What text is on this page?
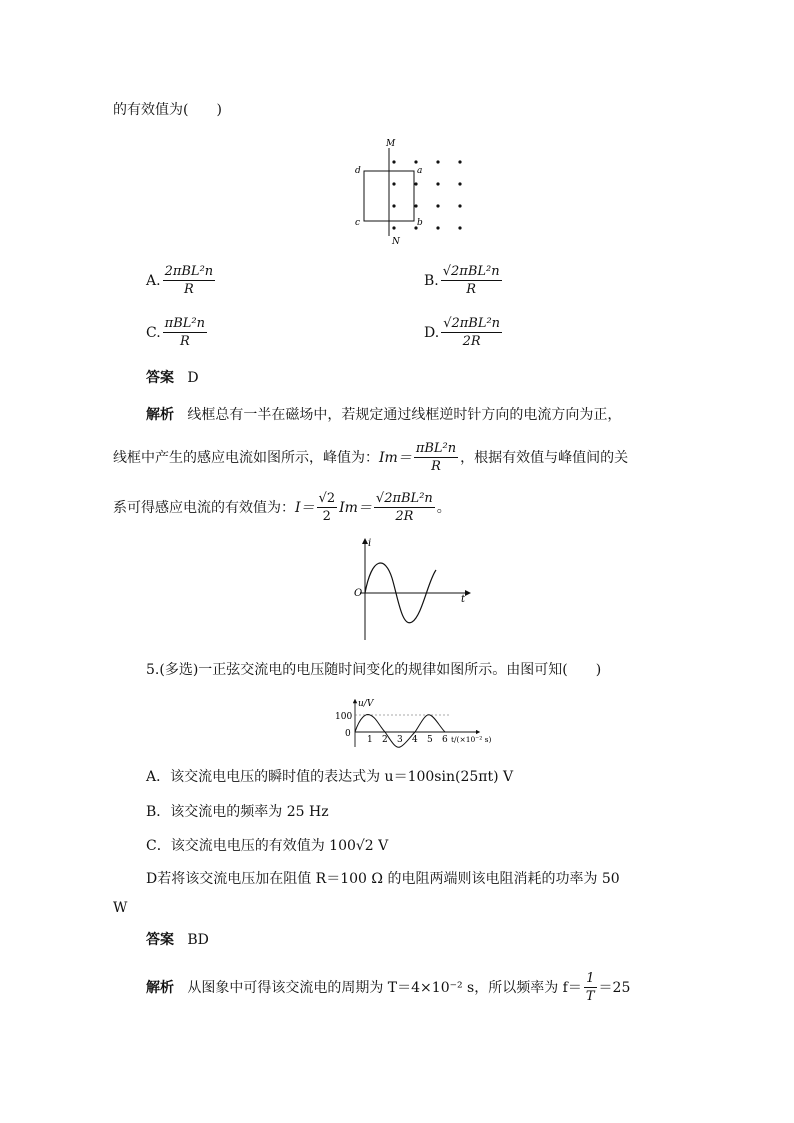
的有效值为(　　)
M
N
a
b
c
d
A. $\frac{\text{2πBL²n}}{R}$	B. $\frac{\text{√2πBL²n}}{R}$
C. $\frac{\text{πBL²n}}{R}$	D. $\frac{\text{√2πBL²n}}{2R}$
答案 D
解析 线框总有一半在磁场中，若规定通过线框逆时针方向的电流方向为正，
线框中产生的感应电流如图所示，峰值为： $Im= \frac{\text{πBL²n}}{R}$ ，根据有效值与峰值间的关
系可得感应电流的有效值为： $I= \frac{√2}{2} Im= \frac{\text{√2πBL²n}}{2R}$ 。
i
t
O
5.(多选)一正弦交流电的电压随时间变化的规律如图所示。由图可知(　　)
100
0
u/V
1 2 3 4 5 6 t/(×10⁻² s)
A．该交流电电压的瞬时值的表达式为 u＝100sin(25πt) V
B．该交流电的频率为 25 Hz
C．该交流电电压的有效值为 100√2 V
D若将该交流电压加在阻值 R＝100 Ω 的电阻两端则该电阻消耗的功率为 50
W
答案 BD
解析
从图象中可得该交流电的周期为 T＝4×10⁻² s，所以频率为 $f= \frac{1}{T} =25$
